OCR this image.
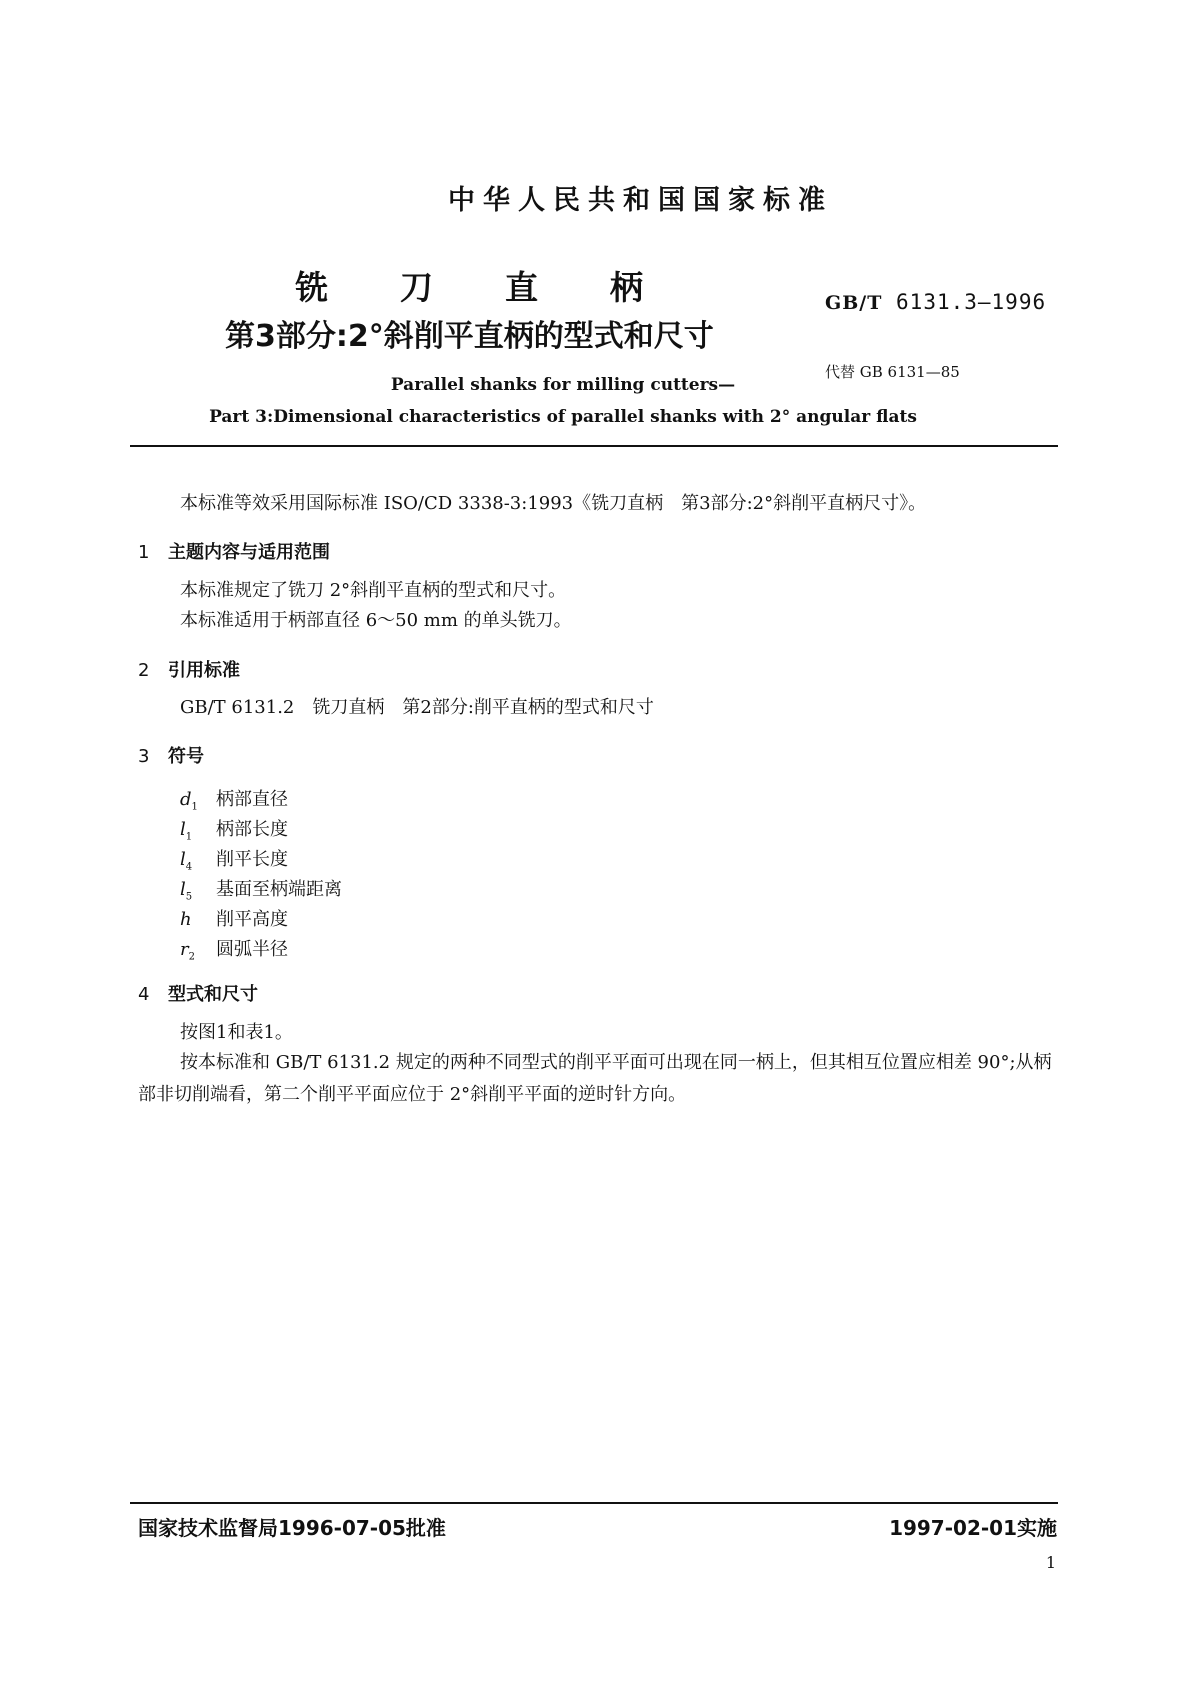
中华人民共和国国家标准
铣刀直柄
第3部分:2°斜削平直柄的型式和尺寸
GB/T 6131.3—1996
代替 GB 6131—85
Parallel shanks for milling cutters—
Part 3:Dimensional characteristics of parallel shanks with 2° angular flats
本标准等效采用国际标准 ISO/CD 3338-3:1993《铣刀直柄　第3部分:2°斜削平直柄尺寸》。
1 主题内容与适用范围
本标准规定了铣刀 2°斜削平直柄的型式和尺寸。
本标准适用于柄部直径 6～50 mm 的单头铣刀。
2 引用标准
GB/T 6131.2　铣刀直柄　第2部分:削平直柄的型式和尺寸
3 符号
$d_1$ 柄部直径
$l_1$ 柄部长度
$l_4$ 削平长度
$l_5$ 基面至柄端距离
h 削平高度
$r_2$ 圆弧半径
4 型式和尺寸
按图1和表1。
按本标准和 GB/T 6131.2 规定的两种不同型式的削平平面可出现在同一柄上，但其相互位置应相差 90°;从柄部非切削端看，第二个削平平面应位于 2°斜削平平面的逆时针方向。
国家技术监督局1996-07-05批准	1997-02-01实施
1
